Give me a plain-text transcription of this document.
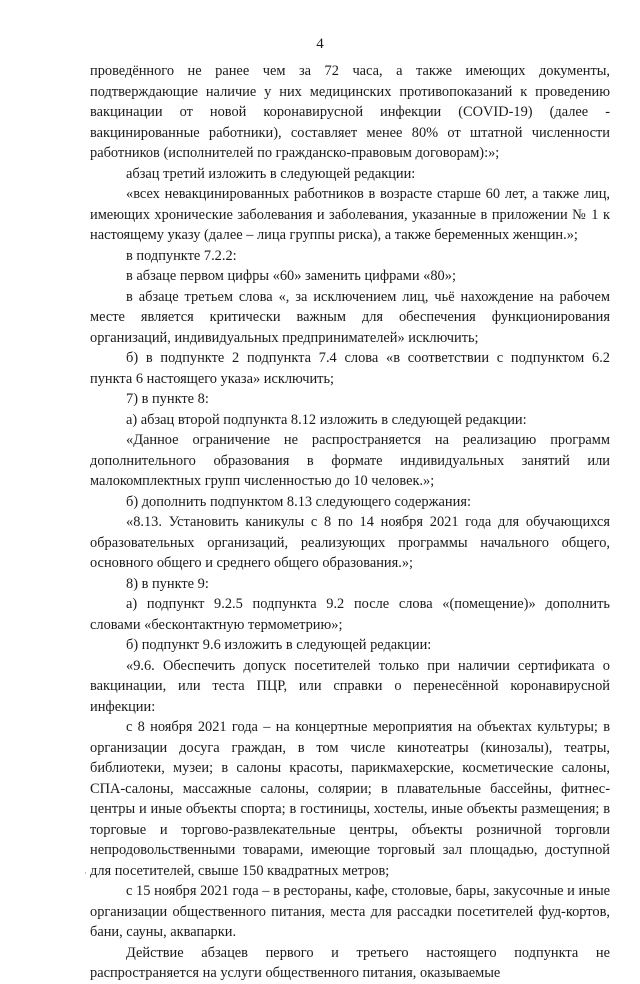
4

проведённого не ранее чем за 72 часа, а также имеющих документы, подтверждающие наличие у них медицинских противопоказаний к проведению вакцинации от новой коронавирусной инфекции (COVID-19) (далее - вакцинированные работники), составляет менее 80% от штатной численности работников (исполнителей по гражданско-правовым договорам):»;

абзац третий изложить в следующей редакции:

«всех невакцинированных работников в возрасте старше 60 лет, а также лиц, имеющих хронические заболевания и заболевания, указанные в приложении № 1 к настоящему указу (далее – лица группы риска), а также беременных женщин.»;

в подпункте 7.2.2:

в абзаце первом цифры «60» заменить цифрами «80»;

в абзаце третьем слова «, за исключением лиц, чьё нахождение на рабочем месте является критически важным для обеспечения функционирования организаций, индивидуальных предпринимателей» исключить;

б) в подпункте 2 подпункта 7.4 слова «в соответствии с подпунктом 6.2 пункта 6 настоящего указа» исключить;

7) в пункте 8:

а) абзац второй подпункта 8.12 изложить в следующей редакции:

«Данное ограничение не распространяется на реализацию программ дополнительного образования в формате индивидуальных занятий или малокомплектных групп численностью до 10 человек.»;

б) дополнить подпунктом 8.13 следующего содержания:

«8.13. Установить каникулы с 8 по 14 ноября 2021 года для обучающихся образовательных организаций, реализующих программы начального общего, основного общего и среднего общего образования.»;

8) в пункте 9:

а) подпункт 9.2.5 подпункта 9.2 после слова «(помещение)» дополнить словами «бесконтактную термометрию»;

б) подпункт 9.6 изложить в следующей редакции:

«9.6. Обеспечить допуск посетителей только при наличии сертификата о вакцинации, или теста ПЦР, или справки о перенесённой коронавирусной инфекции:

с 8 ноября 2021 года – на концертные мероприятия на объектах культуры; в организации досуга граждан, в том числе кинотеатры (кинозалы), театры, библиотеки, музеи; в салоны красоты, парикмахерские, косметические салоны, СПА-салоны, массажные салоны, солярии; в плавательные бассейны, фитнес-центры и иные объекты спорта; в гостиницы, хостелы, иные объекты размещения; в торговые и торгово-развлекательные центры, объекты розничной торговли непродовольственными товарами, имеющие торговый зал площадью, доступной для посетителей, свыше 150 квадратных метров;

с 15 ноября 2021 года – в рестораны, кафе, столовые, бары, закусочные и иные организации общественного питания, места для рассадки посетителей фуд-кортов, бани, сауны, аквапарки.

Действие абзацев первого и третьего настоящего подпункта не распространяется на услуги общественного питания, оказываемые

·
